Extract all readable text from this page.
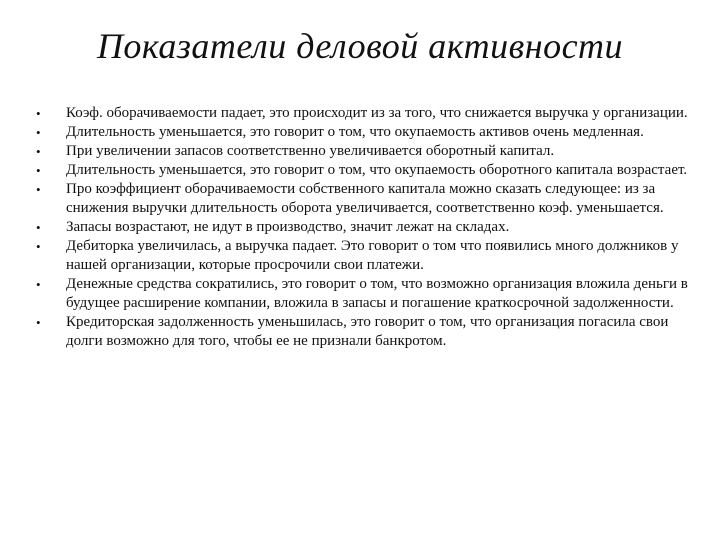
Показатели деловой активности
• Коэф. оборачиваемости падает, это происходит из за того, что снижается выручка у организации.
• Длительность уменьшается, это говорит о том, что окупаемость активов очень медленная.
• При увеличении запасов соответственно увеличивается оборотный капитал.
• Длительность уменьшается, это говорит о том, что окупаемость оборотного капитала возрастает.
• Про коэффициент оборачиваемости собственного капитала можно сказать следующее: из за снижения выручки длительность оборота увеличивается, соответственно коэф. уменьшается.
• Запасы возрастают, не идут в производство, значит лежат на складах.
• Дебиторка увеличилась, а выручка падает. Это говорит о том что появились много должников у нашей организации, которые просрочили свои платежи.
• Денежные средства сократились, это говорит о том, что возможно организация вложила деньги в будущее расширение компании, вложила в запасы и погашение краткосрочной задолженности.
• Кредиторская задолженность уменьшилась, это говорит о том, что организация погасила свои долги возможно для того, чтобы ее не признали банкротом.
